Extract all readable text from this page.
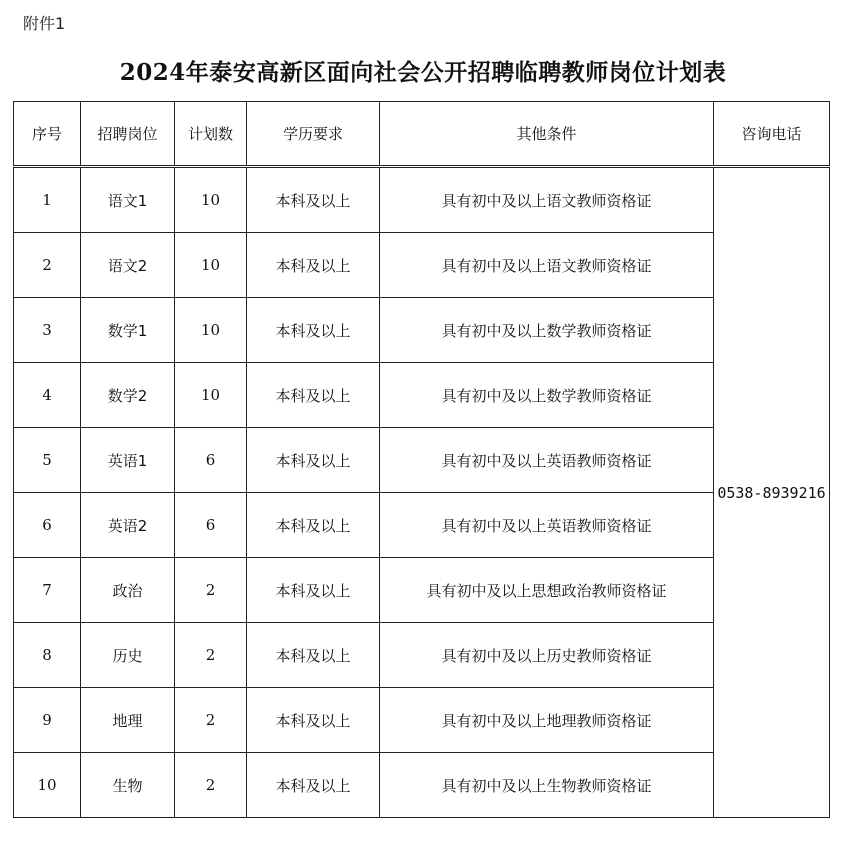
附件1
2024年泰安高新区面向社会公开招聘临聘教师岗位计划表
序号	招聘岗位	计划数	学历要求	其他条件	咨询电话
1	语文1	10	本科及以上	具有初中及以上语文教师资格证	0538-8939216
2	语文2	10	本科及以上	具有初中及以上语文教师资格证	
3	数学1	10	本科及以上	具有初中及以上数学教师资格证	
4	数学2	10	本科及以上	具有初中及以上数学教师资格证	
5	英语1	6	本科及以上	具有初中及以上英语教师资格证	
6	英语2	6	本科及以上	具有初中及以上英语教师资格证	
7	政治	2	本科及以上	具有初中及以上思想政治教师资格证	
8	历史	2	本科及以上	具有初中及以上历史教师资格证	
9	地理	2	本科及以上	具有初中及以上地理教师资格证	
10	生物	2	本科及以上	具有初中及以上生物教师资格证	
